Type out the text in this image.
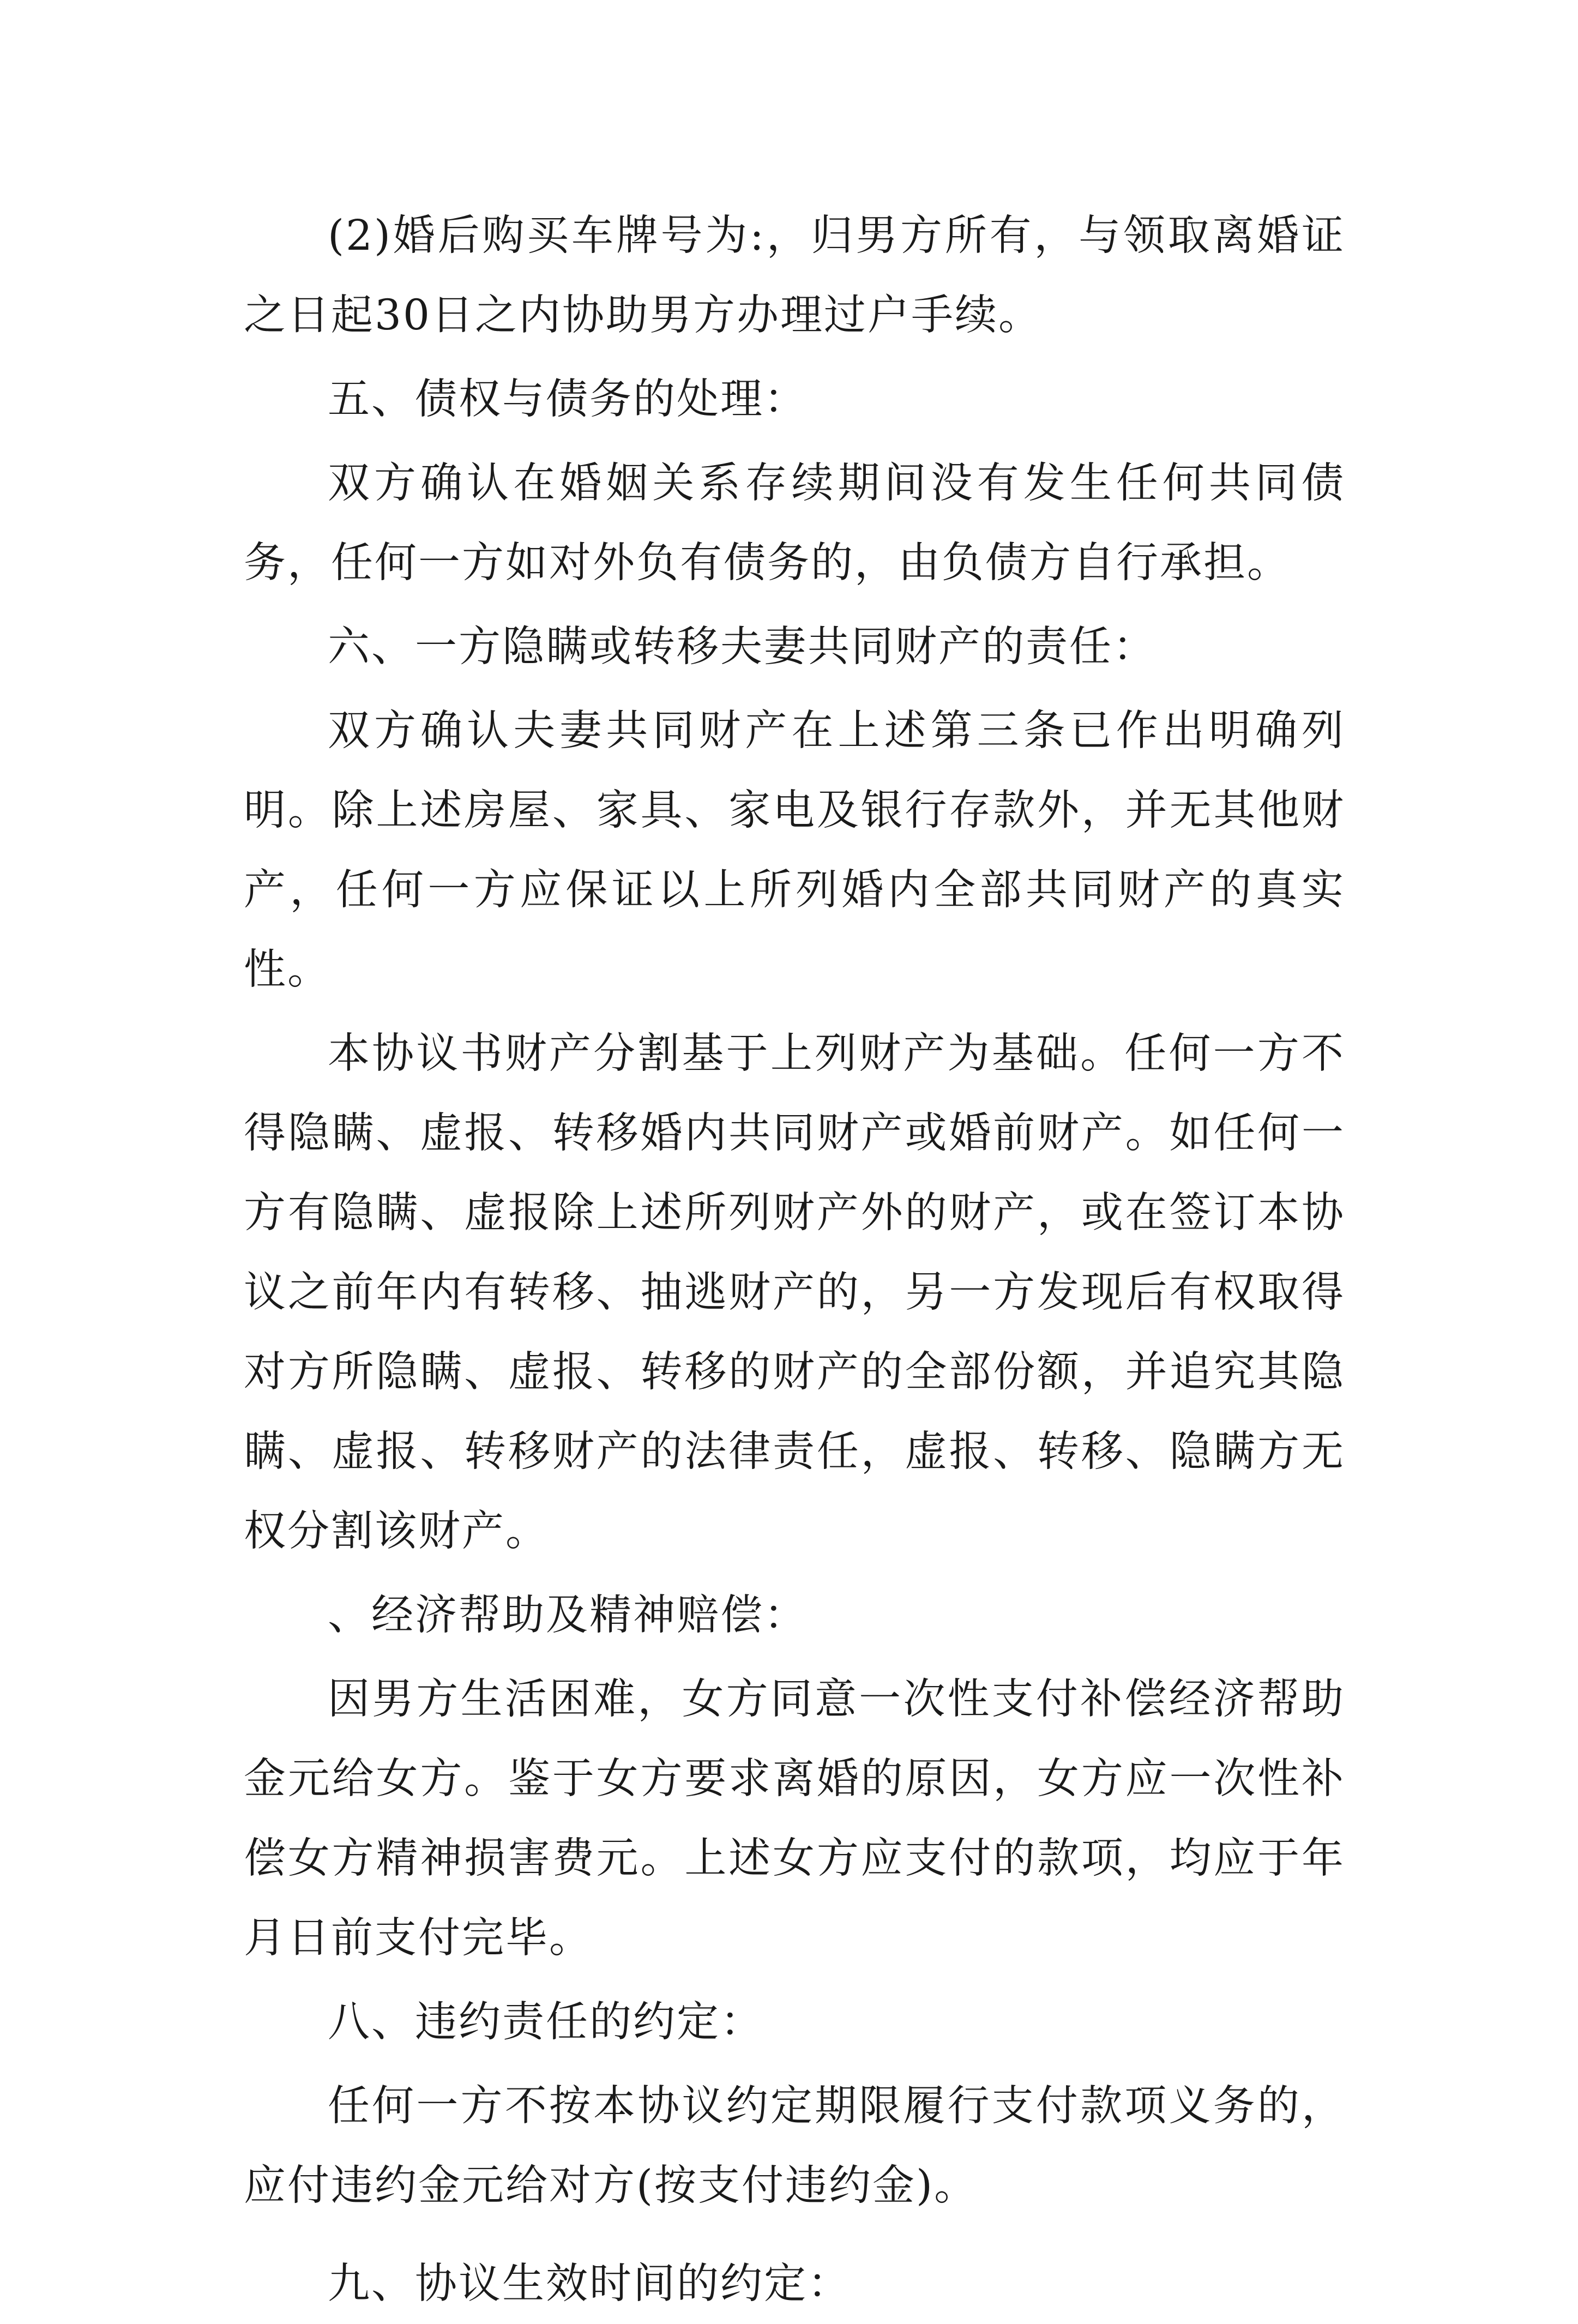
(2)婚后购买车牌号为:，归男方所有，与领取离婚证之日起30日之内协助男方办理过户手续。

五、债权与债务的处理：

双方确认在婚姻关系存续期间没有发生任何共同债务，任何一方如对外负有债务的，由负债方自行承担。

六、一方隐瞒或转移夫妻共同财产的责任：

双方确认夫妻共同财产在上述第三条已作出明确列明。除上述房屋、家具、家电及银行存款外，并无其他财产，任何一方应保证以上所列婚内全部共同财产的真实性。

本协议书财产分割基于上列财产为基础。任何一方不得隐瞒、虚报、转移婚内共同财产或婚前财产。如任何一方有隐瞒、虚报除上述所列财产外的财产，或在签订本协议之前年内有转移、抽逃财产的，另一方发现后有权取得对方所隐瞒、虚报、转移的财产的全部份额，并追究其隐瞒、虚报、转移财产的法律责任，虚报、转移、隐瞒方无权分割该财产。

、经济帮助及精神赔偿：

因男方生活困难，女方同意一次性支付补偿经济帮助金元给女方。鉴于女方要求离婚的原因，女方应一次性补偿女方精神损害费元。上述女方应支付的款项，均应于年月日前支付完毕。

八、违约责任的约定：

任何一方不按本协议约定期限履行支付款项义务的，应付违约金元给对方(按支付违约金)。

九、协议生效时间的约定：
